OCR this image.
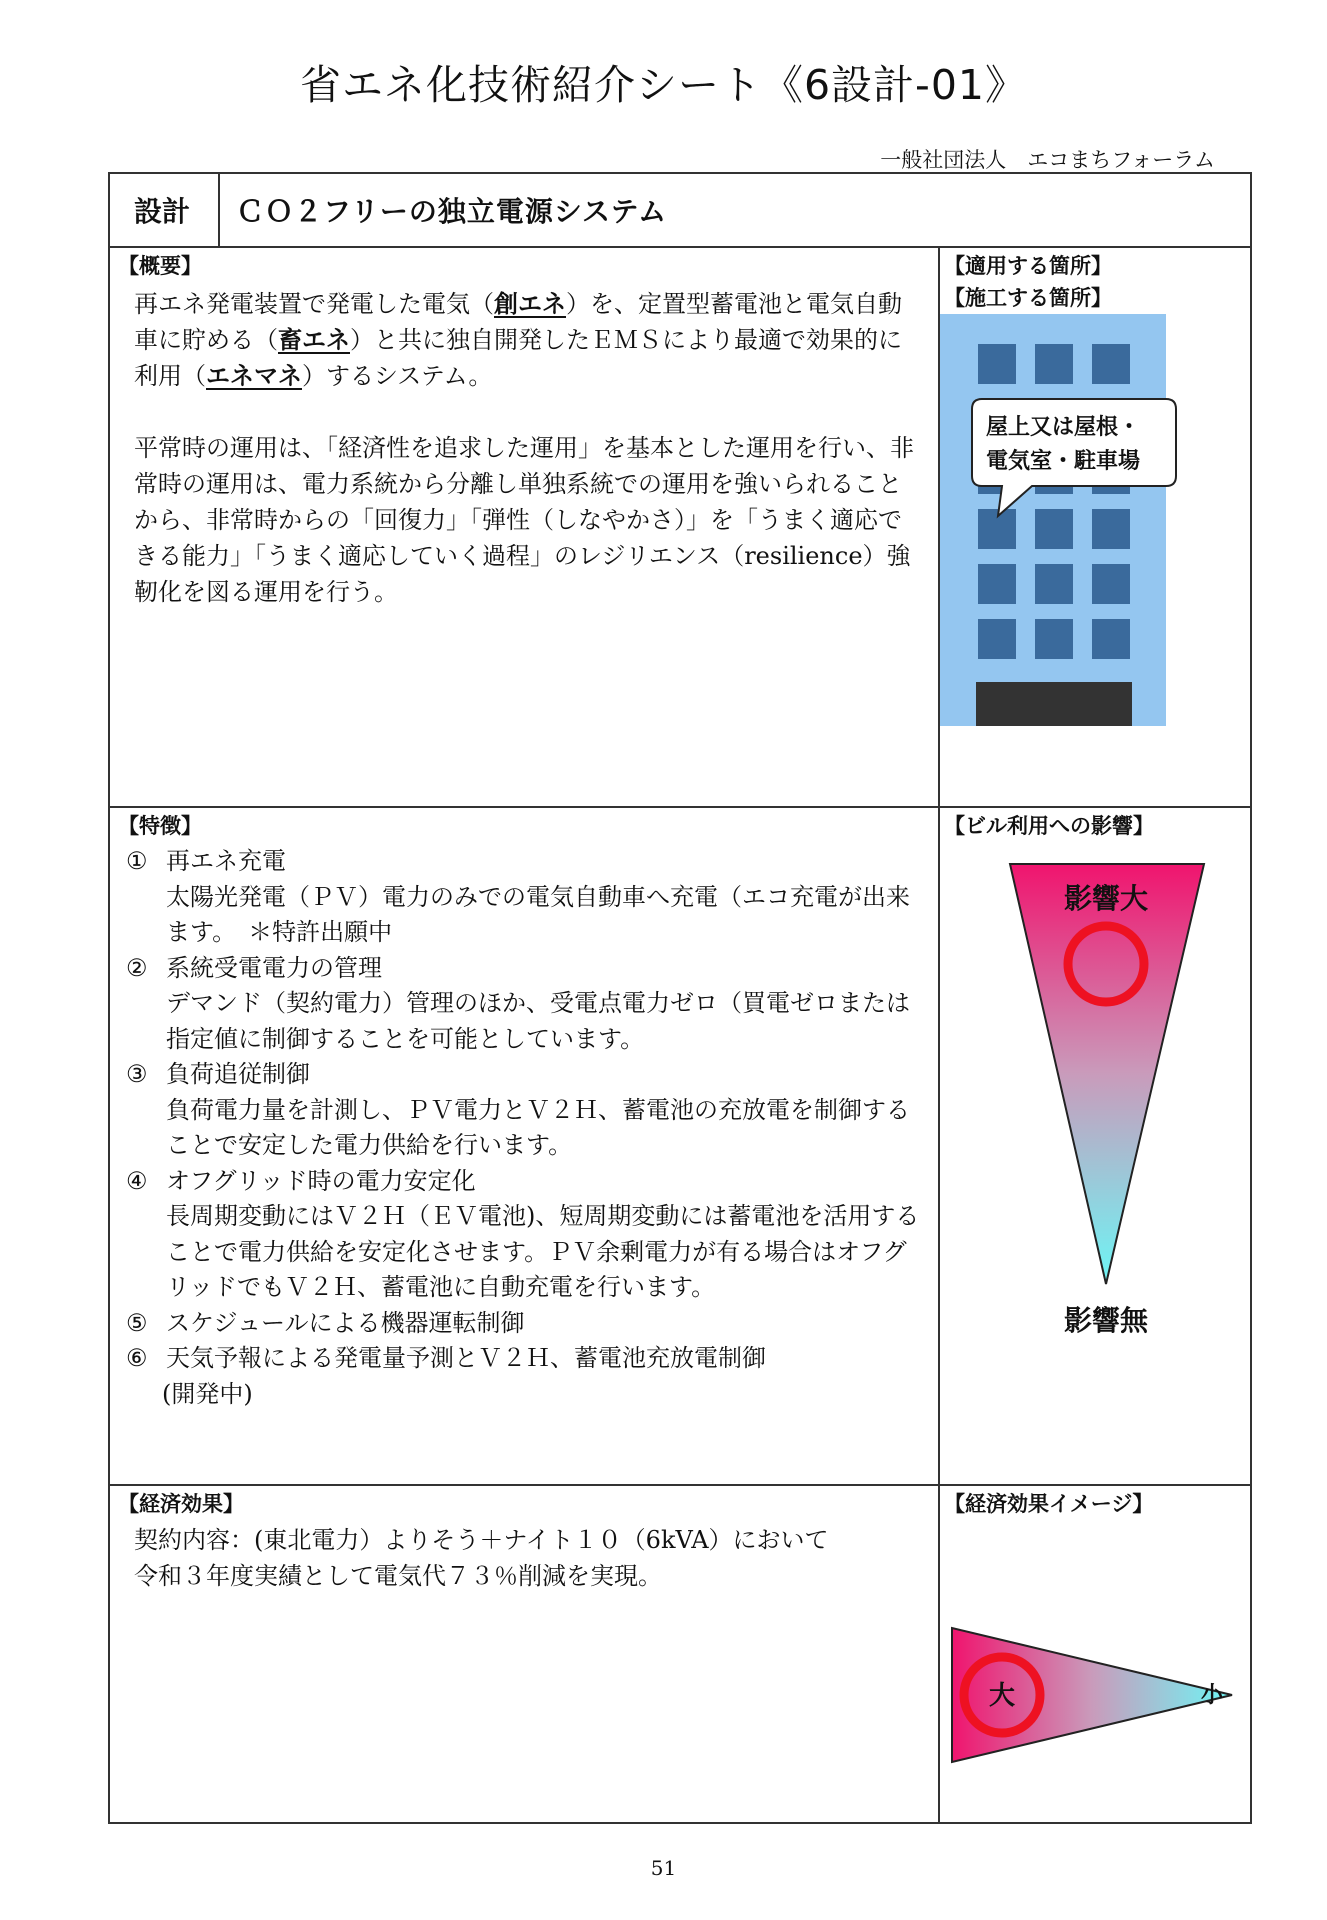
省エネ化技術紹介シート《6設計-01》
一般社団法人　エコまちフォーラム
設計 ＣＯ２フリーの独立電源システム
【概要】

再エネ発電装置で発電した電気（創エネ）を、定置型蓄電池と電気自動車に貯める（畜エネ）と共に独自開発したＥＭＳにより最適で効果的に利用（エネマネ）するシステム。

平常時の運用は、「経済性を追求した運用」を基本とした運用を行い、非常時の運用は、電力系統から分離し単独系統での運用を強いられることから、非常時からの「回復力」「弾性（しなやかさ）」を「うまく適応できる能力」「うまく適応していく過程」のレジリエンス（resilience）強靭化を図る運用を行う。

【適用する箇所】
【施工する箇所】
屋上又は屋根・
電気室・駐車場
【特徴】
① 再エネ充電
太陽光発電（ＰＶ）電力のみでの電気自動車へ充電（エコ充電が出来ます。　＊特許出願中
② 系統受電電力の管理
デマンド（契約電力）管理のほか、受電点電力ゼロ（買電ゼロまたは指定値に制御することを可能としています。
③ 負荷追従制御
負荷電力量を計測し、ＰＶ電力とＶ２Ｈ、蓄電池の充放電を制御することで安定した電力供給を行います。
④ オフグリッド時の電力安定化
長周期変動にはＶ２Ｈ（ＥＶ電池)、短周期変動には蓄電池を活用することで電力供給を安定化させます。ＰＶ余剰電力が有る場合はオフグリッドでもＶ２Ｈ、蓄電池に自動充電を行います。
⑤ スケジュールによる機器運転制御
⑥ 天気予報による発電量予測とＶ２Ｈ、蓄電池充放電制御
(開発中)
【ビル利用への影響】
影響大
影響無
【経済効果】
契約内容：(東北電力）よりそう＋ナイト１０（6kVA）において
令和３年度実績として電気代７３％削減を実現。
【経済効果イメージ】
大	小
51
